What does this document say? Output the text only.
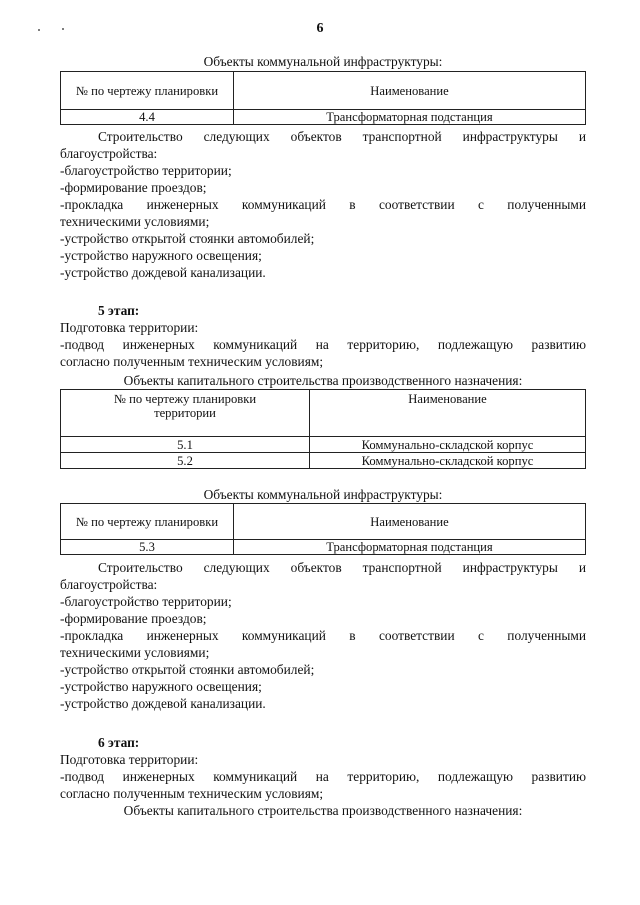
6
Объекты коммунальной инфраструктуры:
№ по чертежу планировки	Наименование
4.4	Трансформаторная подстанция
Строительство следующих объектов транспортной инфраструктуры и
благоустройства:
-благоустройство территории;
-формирование проездов;
-прокладка инженерных коммуникаций в соответствии с полученными
техническими условиями;
-устройство открытой стоянки автомобилей;
-устройство наружного освещения;
-устройство дождевой канализации.
5 этап:
Подготовка территории:
-подвод инженерных коммуникаций на территорию, подлежащую развитию
согласно полученным техническим условиям;
Объекты капитального строительства производственного назначения:
№ по чертежу планировки территории	Наименование
5.1	Коммунально-складской корпус
5.2	Коммунально-складской корпус
Объекты коммунальной инфраструктуры:
№ по чертежу планировки	Наименование
5.3	Трансформаторная подстанция
Строительство следующих объектов транспортной инфраструктуры и
благоустройства:
-благоустройство территории;
-формирование проездов;
-прокладка инженерных коммуникаций в соответствии с полученными
техническими условиями;
-устройство открытой стоянки автомобилей;
-устройство наружного освещения;
-устройство дождевой канализации.
6 этап:
Подготовка территории:
-подвод инженерных коммуникаций на территорию, подлежащую развитию
согласно полученным техническим условиям;
Объекты капитального строительства производственного назначения:
